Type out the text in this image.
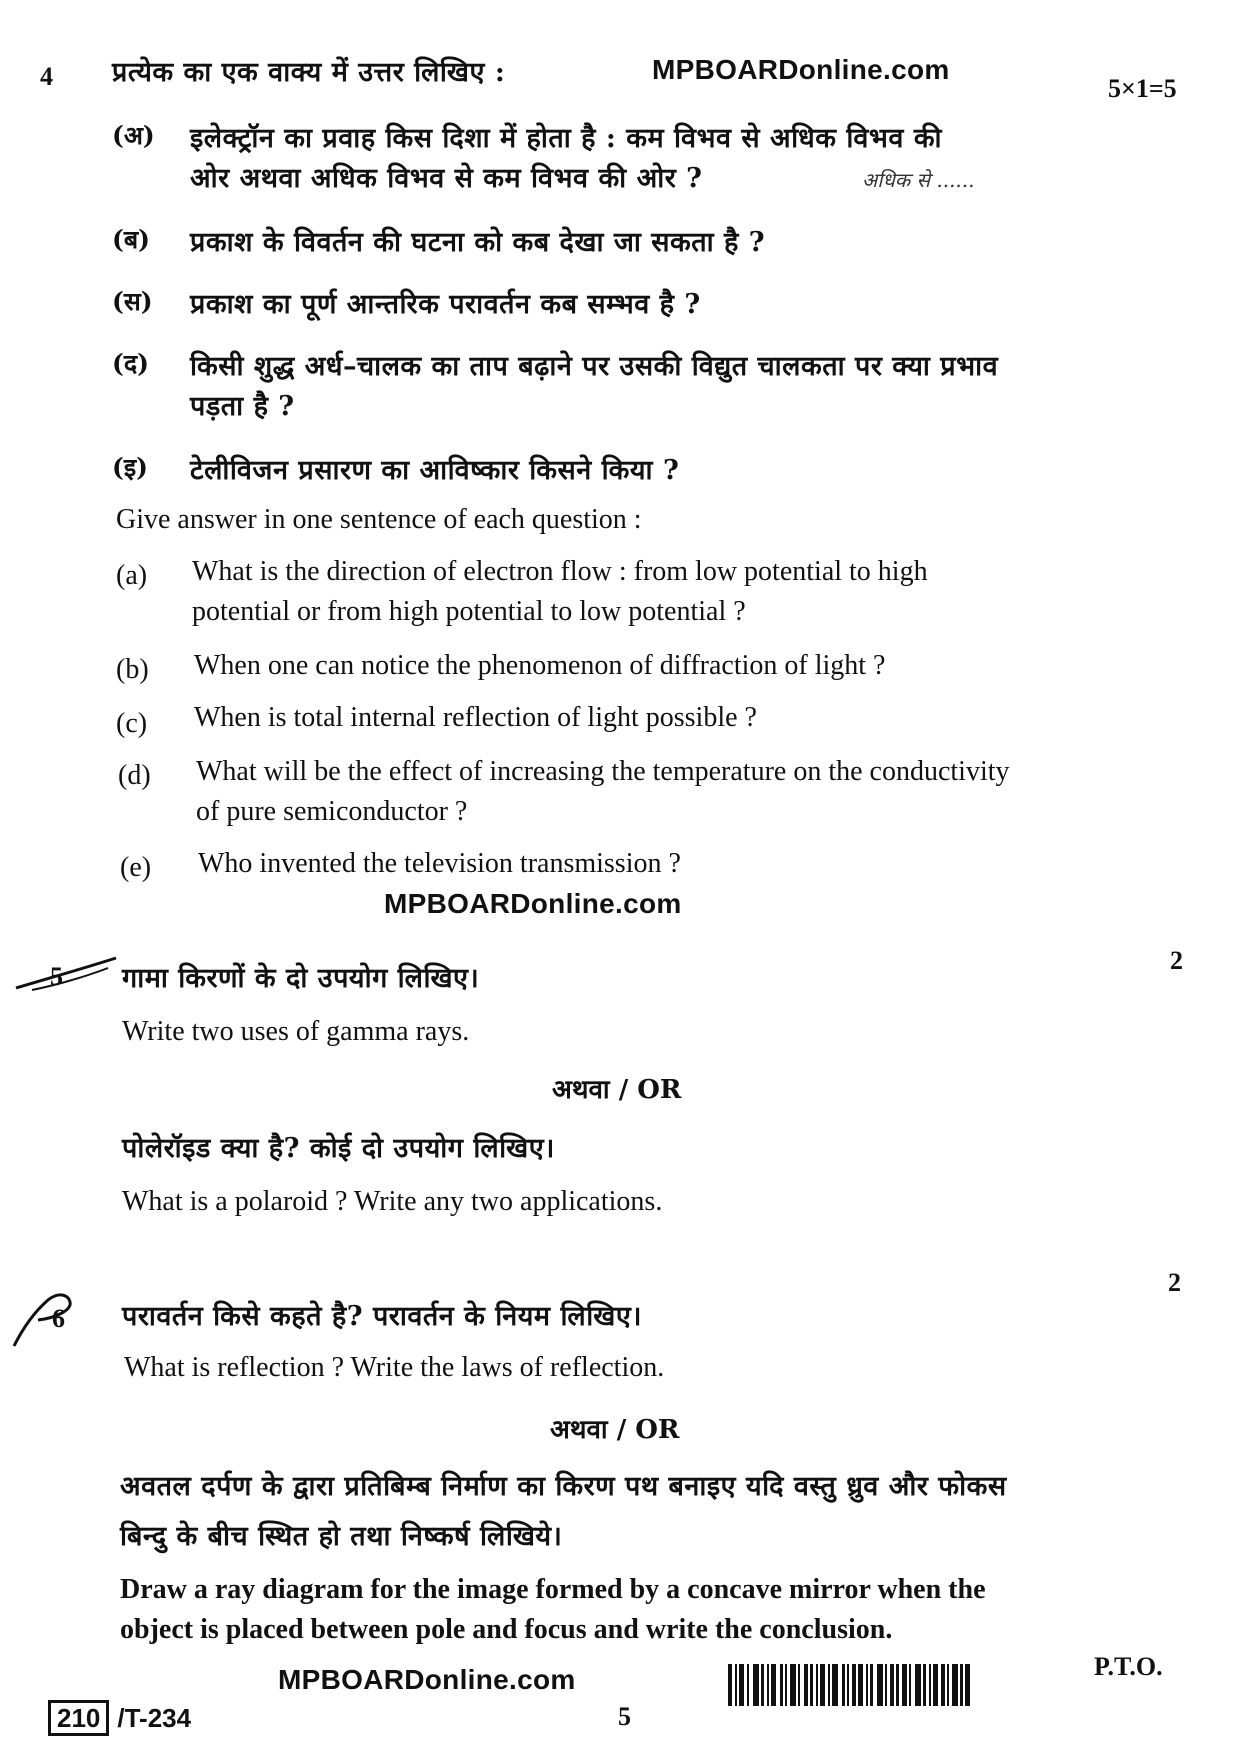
4 प्रत्येक का एक वाक्य में उत्तर लिखिए :	MPBOARDonline.com
5×1=5
(अ) इलेक्ट्रॉन का प्रवाह किस दिशा में होता है : कम विभव से अधिक विभव की
ओर अथवा अधिक विभव से कम विभव की ओर ?	अधिक से ......
(ब) प्रकाश के विवर्तन की घटना को कब देखा जा सकता है ?
(स) प्रकाश का पूर्ण आन्तरिक परावर्तन कब सम्भव है ?
(द) किसी शुद्ध अर्ध–चालक का ताप बढ़ाने पर उसकी विद्युत चालकता पर क्या प्रभाव
पड़ता है ?
(इ) टेलीविजन प्रसारण का आविष्कार किसने किया ?
Give answer in one sentence of each question :
(a) What is the direction of electron flow : from low potential to high
potential or from high potential to low potential ?
(b) When one can notice the phenomenon of diffraction of light ?
(c) When is total internal reflection of light possible ?
(d) What will be the effect of increasing the temperature on the conductivity
of pure semiconductor ?
(e) Who invented the television transmission ?
MPBOARDonline.com
5 गामा किरणों के दो उपयोग लिखिए।
2
Write two uses of gamma rays.
अथवा / OR
पोलेरॉइड क्या है? कोई दो उपयोग लिखिए।
What is a polaroid ? Write any two applications.
6 परावर्तन किसे कहते है? परावर्तन के नियम लिखिए।
2
What is reflection ? Write the laws of reflection.
अथवा / OR
अवतल दर्पण के द्वारा प्रतिबिम्ब निर्माण का किरण पथ बनाइए यदि वस्तु ध्रुव और फोकस
बिन्दु के बीच स्थित हो तथा निष्कर्ष लिखिये।
Draw a ray diagram for the image formed by a concave mirror when the
object is placed between pole and focus and write the conclusion.
MPBOARDonline.com
210 /T-234	5
P.T.O.
